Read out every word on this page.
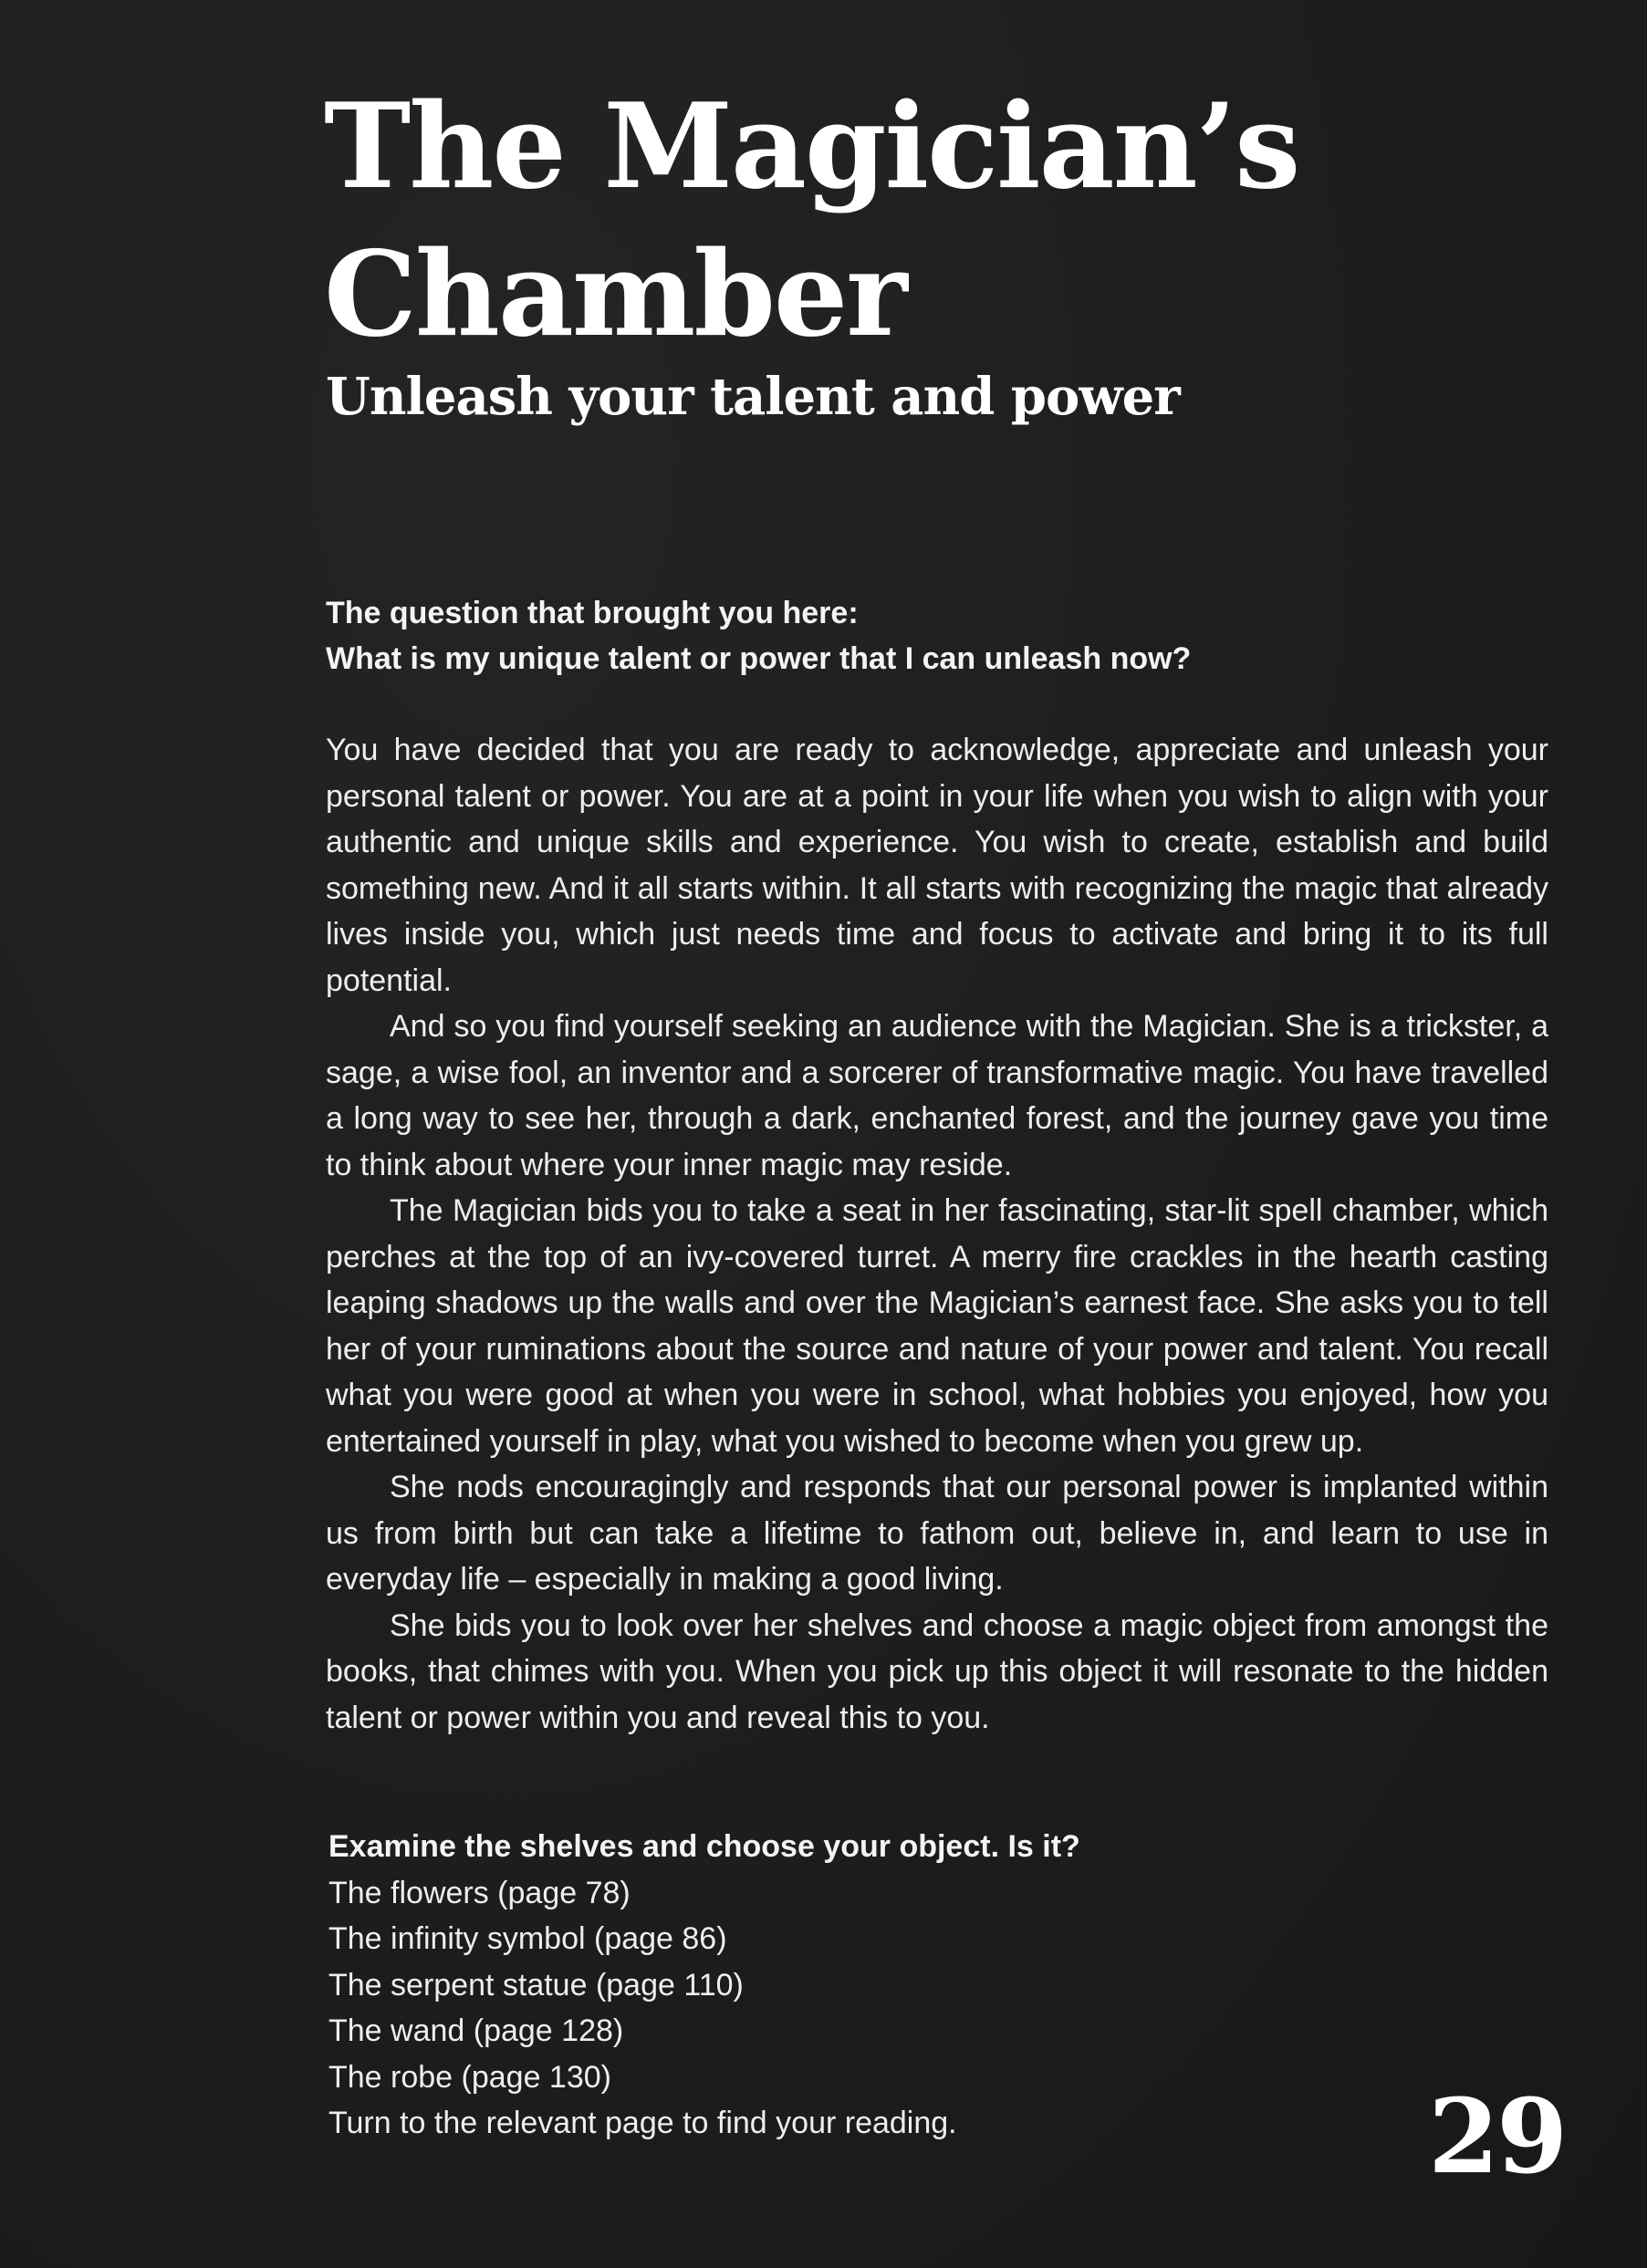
The Magician’s
Chamber
Unleash your talent and power
The question that brought you here:
What is my unique talent or power that I can unleash now?

You have decided that you are ready to acknowledge, appreciate and unleash your personal talent or power. You are at a point in your life when you wish to align with your authentic and unique skills and experience. You wish to create, establish and build something new. And it all starts within. It all starts with recognizing the magic that already lives inside you, which just needs time and focus to activate and bring it to its full potential.

And so you find yourself seeking an audience with the Magician. She is a trickster, a sage, a wise fool, an inventor and a sorcerer of transformative magic. You have travelled a long way to see her, through a dark, enchanted forest, and the journey gave you time to think about where your inner magic may reside.

The Magician bids you to take a seat in her fascinating, star-lit spell chamber, which perches at the top of an ivy-covered turret. A merry fire crackles in the hearth casting leaping shadows up the walls and over the Magician’s earnest face. She asks you to tell her of your ruminations about the source and nature of your power and talent. You recall what you were good at when you were in school, what hobbies you enjoyed, how you entertained yourself in play, what you wished to become when you grew up.

She nods encouragingly and responds that our personal power is implanted within us from birth but can take a lifetime to fathom out, believe in, and learn to use in everyday life – especially in making a good living.

She bids you to look over her shelves and choose a magic object from amongst the books, that chimes with you. When you pick up this object it will resonate to the hidden talent or power within you and reveal this to you.

Examine the shelves and choose your object. Is it?
The flowers (page 78)
The infinity symbol (page 86)
The serpent statue (page 110)
The wand (page 128)
The robe (page 130)
Turn to the relevant page to find your reading.	29
